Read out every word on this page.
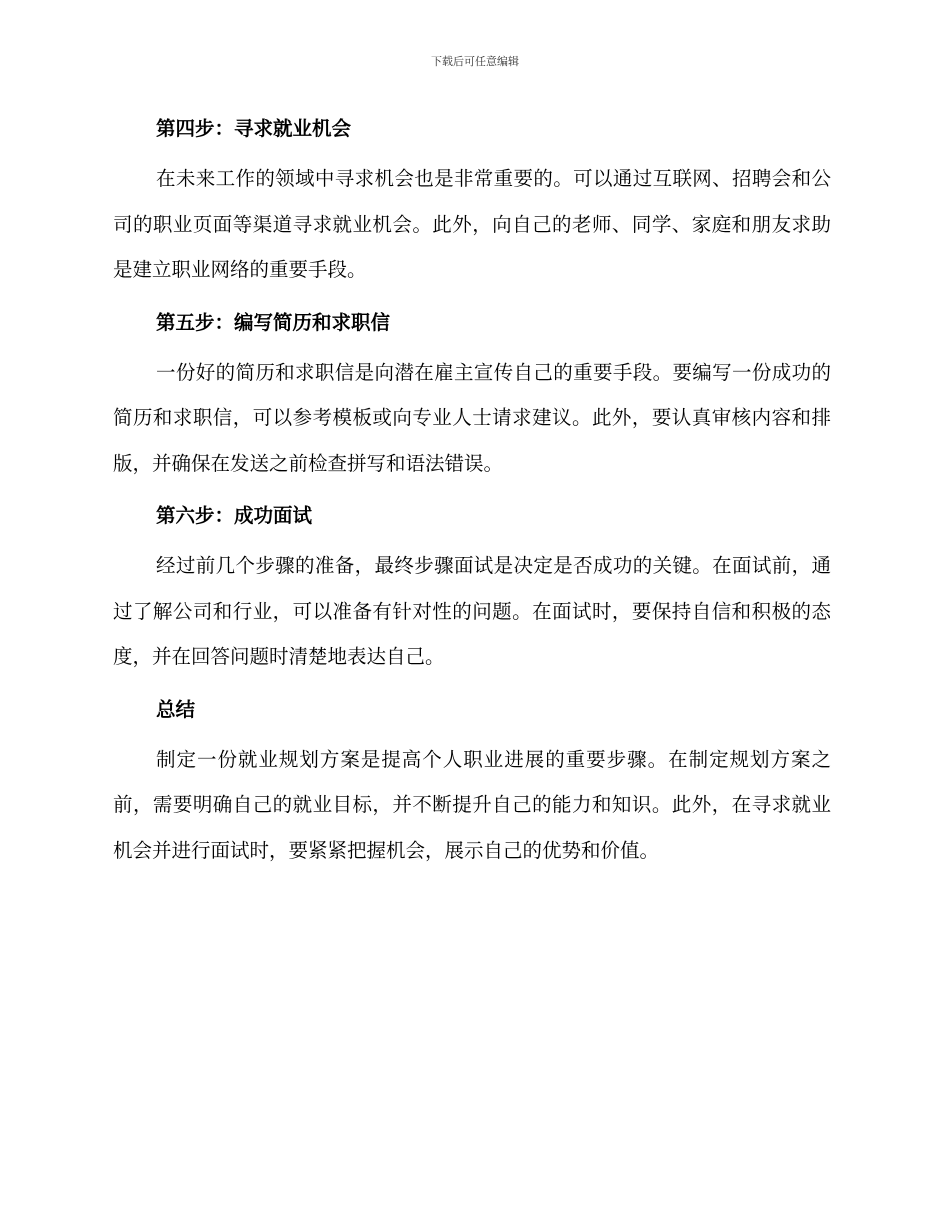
下载后可任意编辑
第四步：寻求就业机会
在未来工作的领域中寻求机会也是非常重要的。可以通过互联网、招聘会和公司的职业页面等渠道寻求就业机会。此外，向自己的老师、同学、家庭和朋友求助是建立职业网络的重要手段。
第五步：编写简历和求职信
一份好的简历和求职信是向潜在雇主宣传自己的重要手段。要编写一份成功的简历和求职信，可以参考模板或向专业人士请求建议。此外，要认真审核内容和排版，并确保在发送之前检查拼写和语法错误。
第六步：成功面试
经过前几个步骤的准备，最终步骤面试是决定是否成功的关键。在面试前，通过了解公司和行业，可以准备有针对性的问题。在面试时，要保持自信和积极的态度，并在回答问题时清楚地表达自己。
总结
制定一份就业规划方案是提高个人职业进展的重要步骤。在制定规划方案之前，需要明确自己的就业目标，并不断提升自己的能力和知识。此外，在寻求就业机会并进行面试时，要紧紧把握机会，展示自己的优势和价值。
